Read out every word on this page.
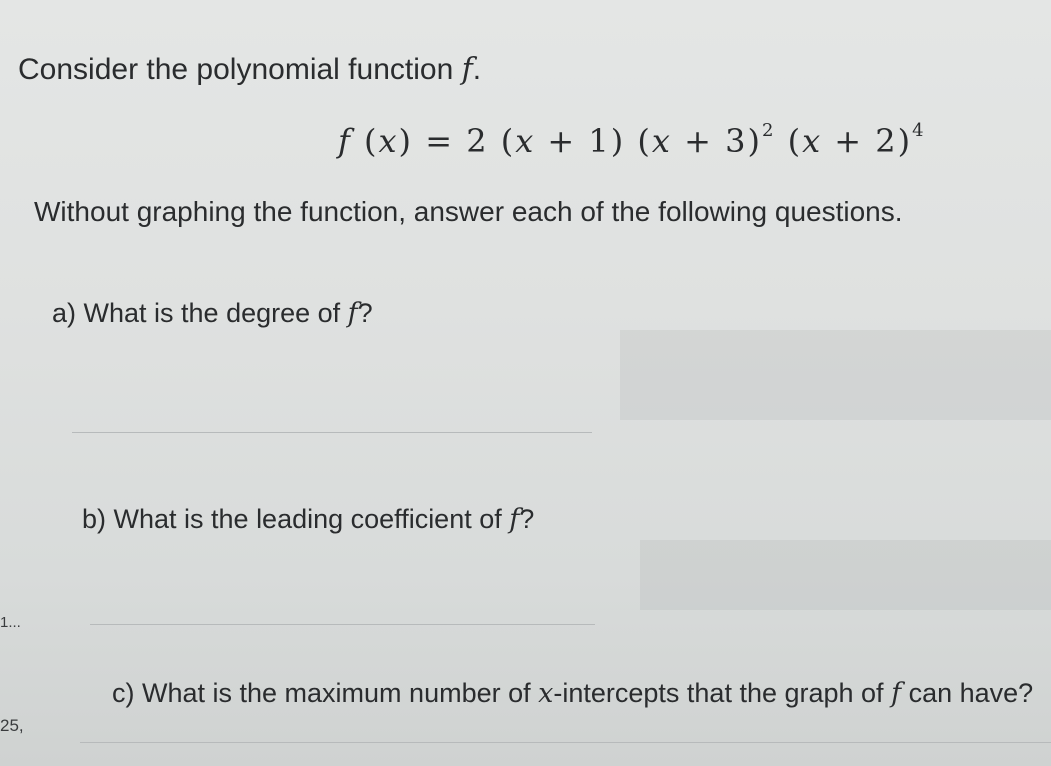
Consider the polynomial function f.

f (x) = 2 (x + 1) $(x + 3)^2$ $(x + 2)^4$

Without graphing the function, answer each of the following questions.

a) What is the degree of f?

b) What is the leading coefficient of f?

c) What is the maximum number of x-intercepts that the graph of f can have?

1...
25,
